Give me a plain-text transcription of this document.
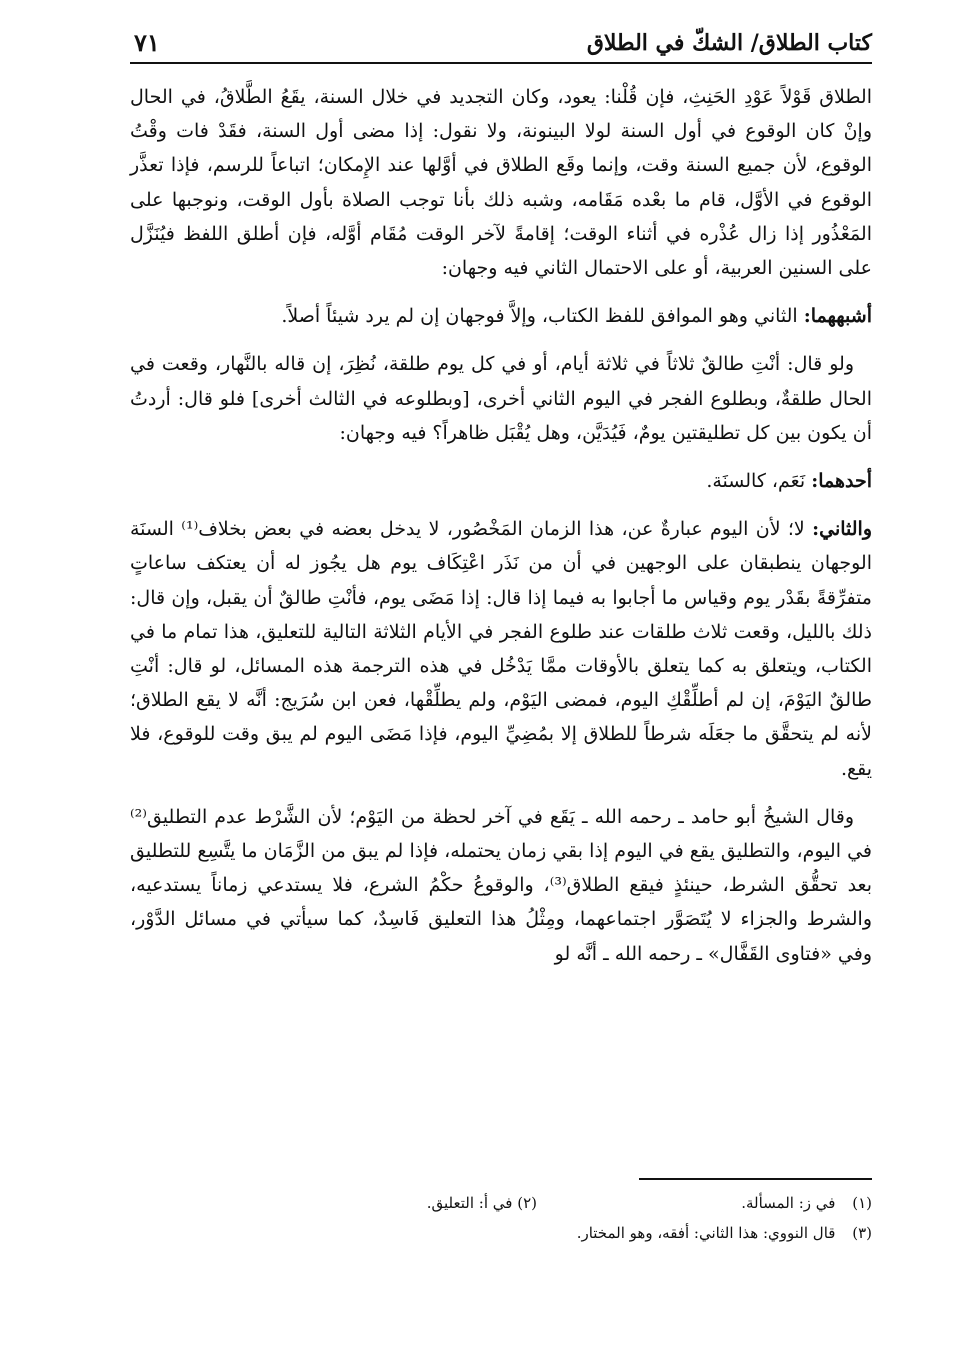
كتاب الطلاق/ الشكّ في الطلاق
٧١

الطلاق قَوْلاً عَوْدِ الحَنِثِ، فإن قُلْنا: يعود، وكان التجديد في خلال السنة، يقَعُ الطَّلاقُ، في الحال وإنْ كان الوقوع في أول السنة لولا البينونة، ولا نقول: إذا مضى أول السنة، فقَدْ فات وقْتُ الوقوع، لأن جميع السنة وقت، وإنما وقَع الطلاق في أوَّلها عند الإِمكان؛ اتباعاً للرسم، فإذا تعذَّر الوقوع في الأوَّل، قام ما بعْده مَقَامه، وشبه ذلك بأنا توجب الصلاة بأول الوقت، ونوجبها على المَعْذُور إذا زال عُذْره في أثناء الوقت؛ إقامةً لآخر الوقت مُقَام أوَّله، فإن أطلق اللفظ فيُنَزَّل على السنين العربية، أو على الاحتمال الثاني فيه وجهان:

أشبههما: الثاني وهو الموافق للفظ الكتاب، وإلاَّ فوجهان إن لم يرد شيئاً أصلاً.

ولو قال: أنْتِ طالقٌ ثلاثاً في ثلاثة أيام، أو في كل يوم طلقة، نُظِرَ، إن قاله بالنَّهار، وقعت في الحال طلقةٌ، وبطلوع الفجر في اليوم الثاني أخرى، [وبطلوعه في الثالث أخرى] فلو قال: أردتُ أن يكون بين كل تطليقتين يومٌ، فَيُدَيَّن، وهل يُقْبَل ظاهراً؟ فيه وجهان:

أحدهما: نَعَم، كالسنَة.

والثاني: لا؛ لأن اليوم عبارةٌ عن، هذا الزمان المَخْصُور، لا يدخل بعضه في بعض بخلاف⁽¹⁾ السنَة الوجهان ينطبقان على الوجهين في أن من نَذَر اعْتِكَاف يوم هل يجُوز له أن يعتكف ساعاتٍ متفرِّقةً بقَدْر يوم وقياس ما أجابوا به فيما إذا قال: إذا مَضَى يوم، فأنْتِ طالقٌ أن يقبل، وإن قال: ذلك بالليل، وقعت ثلاث طلقات عند طلوع الفجر في الأيام الثلاثة التالية للتعليق، هذا تمام ما في الكتاب، ويتعلق به كما يتعلق بالأوقات ممَّا يَدْخُل في هذه الترجمة هذه المسائل، لو قال: أنْتِ طالقٌ اليَوْمَ، إن لم أطلِّقْكِ اليوم، فمضى اليَوْم، ولم يطلِّقْها، فعن ابن سُرَيج: أنَّه لا يقع الطلاق؛ لأنه لم يتحقَّق ما جعَلَه شرطاً للطلاق إلا بمُضِيِّ اليوم، فإذا مَضَى اليوم لم يبق وقت للوقوع، فلا يقع.

وقال الشيخُ أبو حامد ـ رحمه الله ـ يَقَع في آخر لحظة من اليَوْم؛ لأن الشَّرْط عدم التطليق⁽²⁾ في اليوم، والتطليق يقع في اليوم إذا بقي زمان يحتمله، فإذا لم يبق من الزَّمَان ما يتَّسِع للتطليق بعد تحقُّق الشرط، حينئذٍ فيقع الطلاق⁽³⁾، والوقوعُ حكْمُ الشرع، فلا يستدعي زماناً يستدعيه، والشرط والجزاء لا يُتَصَوَّر اجتماعهما، ومِثْلُ هذا التعليق فَاسِدٌ، كما سيأتي في مسائل الدَّوْر، وفي «فتاوى القَفَّال» ـ رحمه الله ـ أنَّه لو

(١) في ز: المسألة.
(٢) في أ: التعليق.
(٣) قال النووي: هذا الثاني: أفقه، وهو المختار.
